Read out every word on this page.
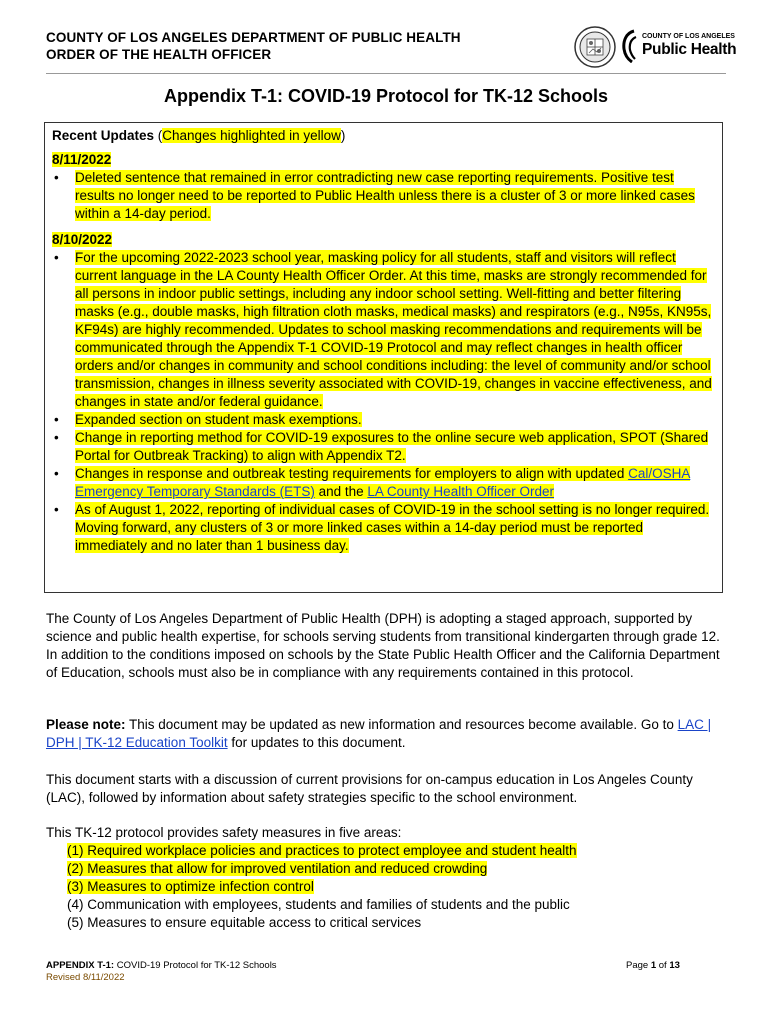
COUNTY OF LOS ANGELES DEPARTMENT OF PUBLIC HEALTH
ORDER OF THE HEALTH OFFICER
COUNTY OF LOS ANGELES
Public Health
Appendix T-1: COVID-19 Protocol for TK-12 Schools

Recent Updates (Changes highlighted in yellow)

8/11/2022

• Deleted sentence that remained in error contradicting new case reporting requirements. Positive test results no longer need to be reported to Public Health unless there is a cluster of 3 or more linked cases within a 14-day period.

8/10/2022

• For the upcoming 2022-2023 school year, masking policy for all students, staff and visitors will reflect current language in the LA County Health Officer Order. At this time, masks are strongly recommended for all persons in indoor public settings, including any indoor school setting. Well-fitting and better filtering masks (e.g., double masks, high filtration cloth masks, medical masks) and respirators (e.g., N95s, KN95s, KF94s) are highly recommended. Updates to school masking recommendations and requirements will be communicated through the Appendix T-1 COVID-19 Protocol and may reflect changes in health officer orders and/or changes in community and school conditions including: the level of community and/or school transmission, changes in illness severity associated with COVID-19, changes in vaccine effectiveness, and changes in state and/or federal guidance.
• Expanded section on student mask exemptions.
• Change in reporting method for COVID-19 exposures to the online secure web application, SPOT (Shared Portal for Outbreak Tracking) to align with Appendix T2.
• Changes in response and outbreak testing requirements for employers to align with updated Cal/OSHA Emergency Temporary Standards (ETS) and the LA County Health Officer Order
• As of August 1, 2022, reporting of individual cases of COVID-19 in the school setting is no longer required. Moving forward, any clusters of 3 or more linked cases within a 14-day period must be reported immediately and no later than 1 business day.
The County of Los Angeles Department of Public Health (DPH) is adopting a staged approach, supported by science and public health expertise, for schools serving students from transitional kindergarten through grade 12. In addition to the conditions imposed on schools by the State Public Health Officer and the California Department of Education, schools must also be in compliance with any requirements contained in this protocol.
Please note: This document may be updated as new information and resources become available. Go to LAC | DPH | TK-12 Education Toolkit for updates to this document.
This document starts with a discussion of current provisions for on-campus education in Los Angeles County (LAC), followed by information about safety strategies specific to the school environment.
This TK-12 protocol provides safety measures in five areas:
(1) Required workplace policies and practices to protect employee and student health
(2) Measures that allow for improved ventilation and reduced crowding
(3) Measures to optimize infection control
(4) Communication with employees, students and families of students and the public
(5) Measures to ensure equitable access to critical services
APPENDIX T-1: COVID-19 Protocol for TK-12 Schools
Revised 8/11/2022
Page 1 of 13
